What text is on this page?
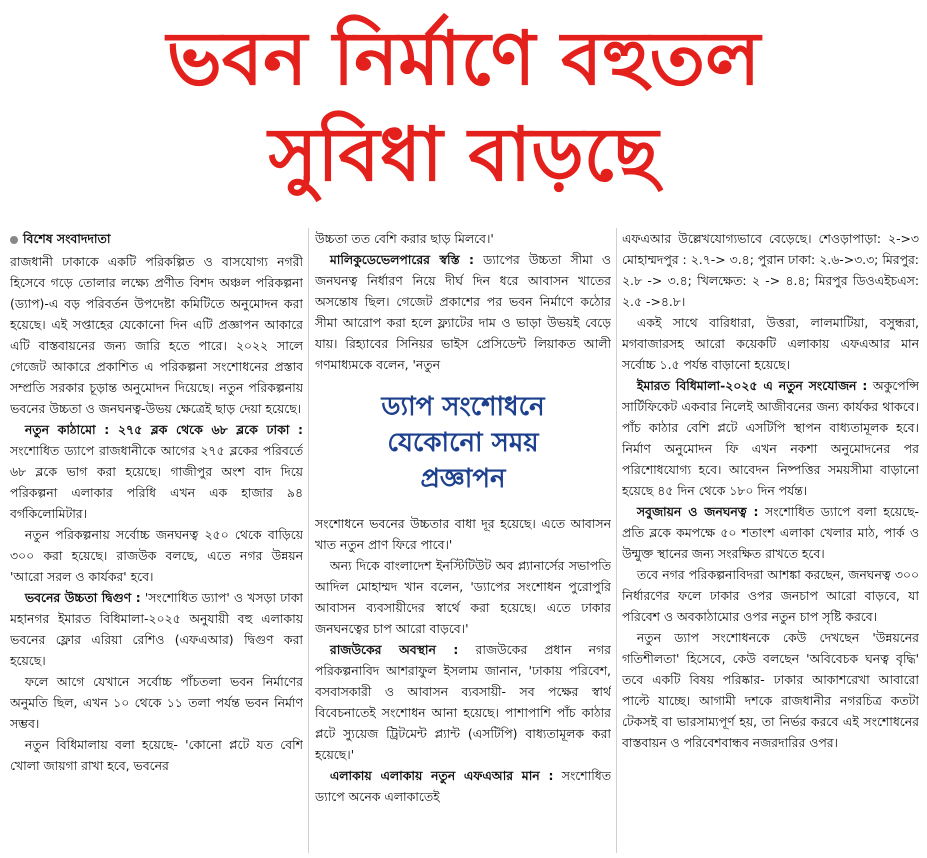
ভবন নির্মাণে বহুতল
সুবিধা বাড়ছে
বিশেষ সংবাদদাতা

রাজধানী ঢাকাকে একটি পরিকল্পিত ও বাসযোগ্য নগরী হিসেবে গড়ে তোলার লক্ষ্যে প্রণীত বিশদ অঞ্চল পরিকল্পনা (ড্যাপ)-এ বড় পরিবর্তন উপদেষ্টা কমিটিতে অনুমোদন করা হয়েছে। এই সপ্তাহের যেকোনো দিন এটি প্রজ্ঞাপন আকারে এটি বাস্তবায়নের জন্য জারি হতে পারে। ২০২২ সালে গেজেট আকারে প্রকাশিত এ পরিকল্পনা সংশোধনের প্রস্তাব সম্প্রতি সরকার চূড়ান্ত অনুমোদন দিয়েছে। নতুন পরিকল্পনায় ভবনের উচ্চতা ও জনঘনত্ব-উভয় ক্ষেত্রেই ছাড় দেয়া হয়েছে।

নতুন কাঠামো : ২৭৫ ব্লক থেকে ৬৮ ব্লকে ঢাকা : সংশোধিত ড্যাপে রাজধানীকে আগের ২৭৫ ব্লকের পরিবর্তে ৬৮ ব্লকে ভাগ করা হয়েছে। গাজীপুর অংশ বাদ দিয়ে পরিকল্পনা এলাকার পরিধি এখন এক হাজার ৯৪ বর্গকিলোমিটার।

নতুন পরিকল্পনায় সর্বোচ্চ জনঘনত্ব ২৫০ থেকে বাড়িয়ে ৩০০ করা হয়েছে। রাজউক বলছে, এতে নগর উন্নয়ন 'আরো সরল ও কার্যকর' হবে।

ভবনের উচ্চতা দ্বিগুণ : 'সংশোধিত ড্যাপ' ও খসড়া ঢাকা মহানগর ইমারত বিধিমালা-২০২৫ অনুযায়ী বহু এলাকায় ভবনের ফ্লোর এরিয়া রেশিও (এফএআর) দ্বিগুণ করা হয়েছে।

ফলে আগে যেখানে সর্বোচ্চ পাঁচতলা ভবন নির্মাণের অনুমতি ছিল, এখন ১০ থেকে ১১ তলা পর্যন্ত ভবন নির্মাণ সম্ভব।

নতুন বিধিমালায় বলা হয়েছে- 'কোনো প্লটে যত বেশি খোলা জায়গা রাখা হবে, ভবনের

উচ্চতা তত বেশি করার ছাড় মিলবে।'

মালিকুডেভেলপারের স্বস্তি : ড্যাপের উচ্চতা সীমা ও জনঘনত্ব নির্ধারণ নিয়ে দীর্ঘ দিন ধরে আবাসন খাতের অসন্তোষ ছিল। গেজেট প্রকাশের পর ভবন নির্মাণে কঠোর সীমা আরোপ করা হলে ফ্ল্যাটের দাম ও ভাড়া উভয়ই বেড়ে যায়। রিহ্যাবের সিনিয়র ভাইস প্রেসিডেন্ট লিয়াকত আলী গণমাধ্যমকে বলেন, 'নতুন

ড্যাপ সংশোধনে
যেকোনো সময়
প্রজ্ঞাপন

সংশোধনে ভবনের উচ্চতার বাধা দূর হয়েছে। এতে আবাসন খাত নতুন প্রাণ ফিরে পাবে।'

অন্য দিকে বাংলাদেশ ইনস্টিটিউট অব প্ল্যানার্সের সভাপতি আদিল মোহাম্মদ খান বলেন, 'ড্যাপের সংশোধন পুরোপুরি আবাসন ব্যবসায়ীদের স্বার্থে করা হয়েছে। এতে ঢাকার জনঘনত্বের চাপ আরো বাড়বে।'

রাজউকের অবস্থান : রাজউকের প্রধান নগর পরিকল্পনাবিদ আশরাফুল ইসলাম জানান, 'ঢাকায় পরিবেশ, বসবাসকারী ও আবাসন ব্যবসায়ী- সব পক্ষের স্বার্থ বিবেচনাতেই সংশোধন আনা হয়েছে। পাশাপাশি পাঁচ কাঠার প্লটে স্যুয়েজ ট্রিটমেন্ট প্ল্যান্ট (এসটিপি) বাধ্যতামূলক করা হয়েছে।'

এলাকায় এলাকায় নতুন এফএআর মান : সংশোধিত ড্যাপে অনেক এলাকাতেই

এফএআর উল্লেখযোগ্যভাবে বেড়েছে। শেওড়াপাড়া: ২->৩ মোহাম্মদপুর : ২.৭-> ৩.৪; পুরান ঢাকা: ২.৬->৩.৩; মিরপুর: ২.৮ -> ৩.৪; খিলক্ষেত: ২ -> ৪.৪; মিরপুর ডিওএইচএস: ২.৫ ->৪.৮।

একই সাথে বারিধারা, উত্তরা, লালমাটিয়া, বসুন্ধরা, মগবাজারসহ আরো কয়েকটি এলাকায় এফএআর মান সর্বোচ্চ ১.৫ পর্যন্ত বাড়ানো হয়েছে।

ইমারত বিধিমালা-২০২৫ এ নতুন সংযোজন : অকুপেন্সি সার্টিফিকেট একবার নিলেই আজীবনের জন্য কার্যকর থাকবে। পাঁচ কাঠার বেশি প্লটে এসটিপি স্থাপন বাধ্যতামূলক হবে। নির্মাণ অনুমোদন ফি এখন নকশা অনুমোদনের পর পরিশোধযোগ্য হবে। আবেদন নিষ্পত্তির সময়সীমা বাড়ানো হয়েছে ৪৫ দিন থেকে ১৮০ দিন পর্যন্ত।

সবুজায়ন ও জনঘনত্ব : সংশোধিত ড্যাপে বলা হয়েছে- প্রতি ব্লকে কমপক্ষে ৫০ শতাংশ এলাকা খেলার মাঠ, পার্ক ও উন্মুক্ত স্থানের জন্য সংরক্ষিত রাখতে হবে।

তবে নগর পরিকল্পনাবিদরা আশঙ্কা করছেন, জনঘনত্ব ৩০০ নির্ধারণের ফলে ঢাকার ওপর জনচাপ আরো বাড়বে, যা পরিবেশ ও অবকাঠামোর ওপর নতুন চাপ সৃষ্টি করবে।

নতুন ড্যাপ সংশোধনকে কেউ দেখছেন 'উন্নয়নের গতিশীলতা' হিসেবে, কেউ বলছেন 'অবিবেচক ঘনত্ব বৃদ্ধি' তবে একটি বিষয় পরিষ্কার- ঢাকার আকাশরেখা আবারো পাল্টে যাচ্ছে। আগামী দশকে রাজধানীর নগরচিত্র কতটা টেকসই বা ভারসাম্যপূর্ণ হয়, তা নির্ভর করবে এই সংশোধনের বাস্তবায়ন ও পরিবেশবান্ধব নজরদারির ওপর।
